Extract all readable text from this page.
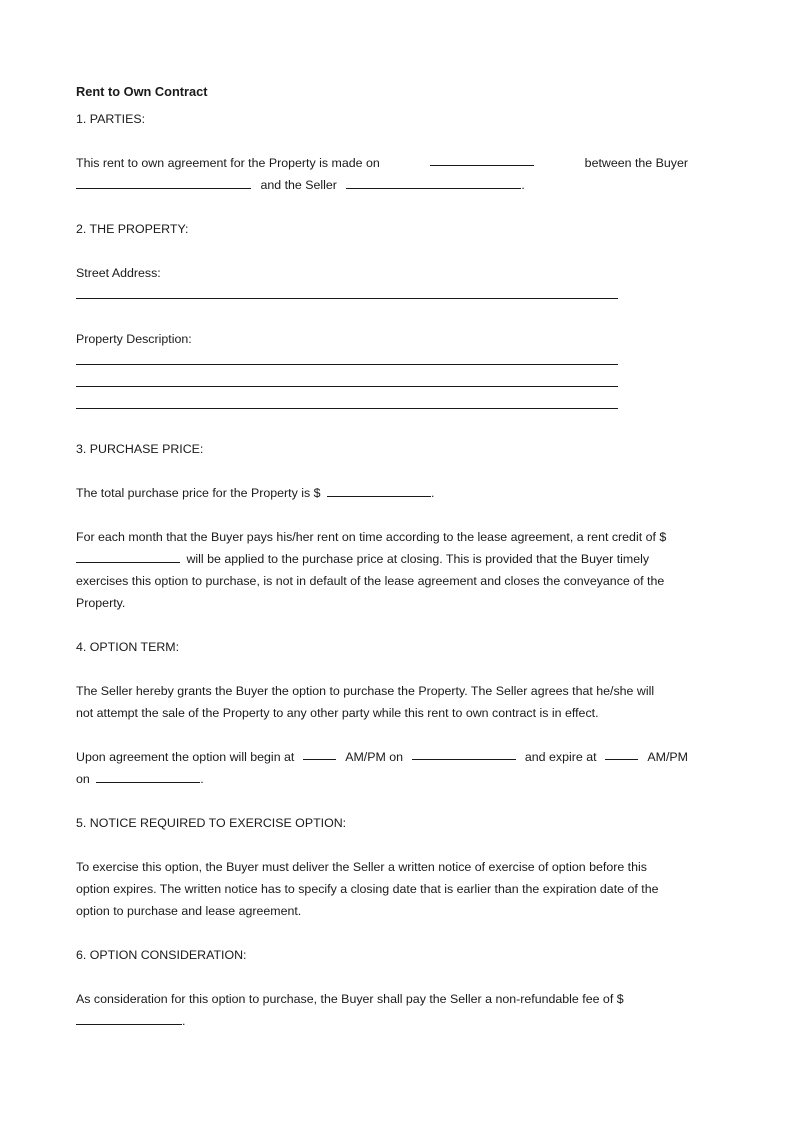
Rent to Own Contract
1. PARTIES:
This rent to own agreement for the Property is made on	between the Buyer
and the Seller	.
2. THE PROPERTY:
Street Address:
Property Description:
3. PURCHASE PRICE:
The total purchase price for the Property is $	.
For each month that the Buyer pays his/her rent on time according to the lease agreement, a rent credit of $
will be applied to the purchase price at closing. This is provided that the Buyer timely
exercises this option to purchase, is not in default of the lease agreement and closes the conveyance of the
Property.
4. OPTION TERM:
The Seller hereby grants the Buyer the option to purchase the Property. The Seller agrees that he/she will
not attempt the sale of the Property to any other party while this rent to own contract is in effect.
Upon agreement the option will begin at	AM/PM on	and expire at	AM/PM
on	.
5. NOTICE REQUIRED TO EXERCISE OPTION:
To exercise this option, the Buyer must deliver the Seller a written notice of exercise of option before this
option expires. The written notice has to specify a closing date that is earlier than the expiration date of the
option to purchase and lease agreement.
6. OPTION CONSIDERATION:
As consideration for this option to purchase, the Buyer shall pay the Seller a non-refundable fee of $
.
